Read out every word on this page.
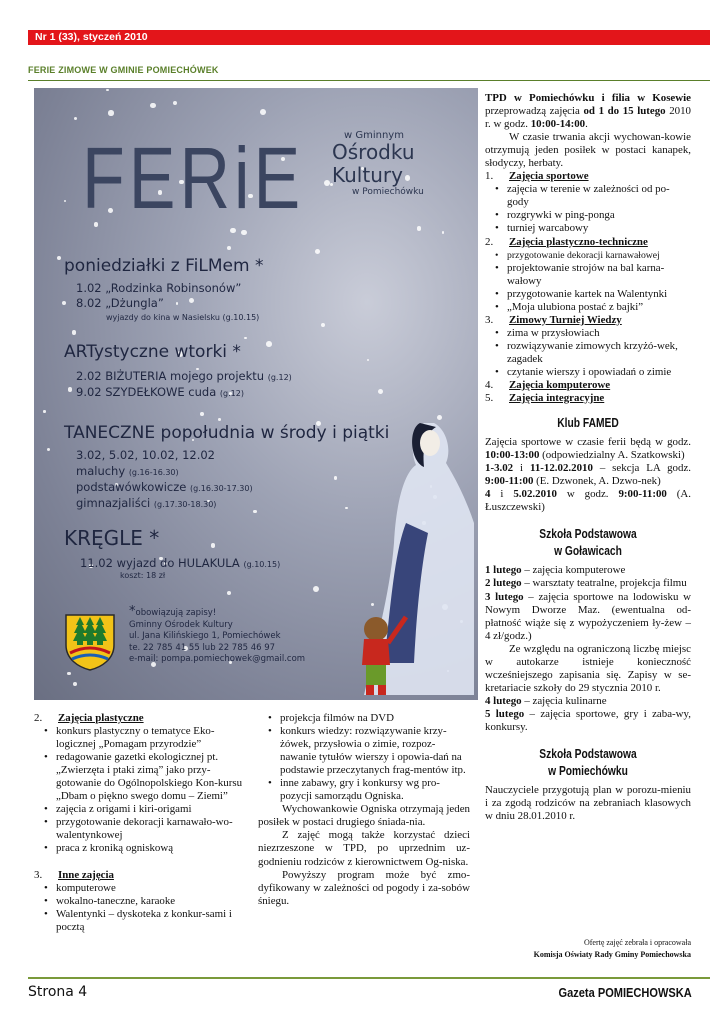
Nr 1 (33), styczeń 2010
FERIE ZIMOWE W GMINIE POMIECHÓWEK
FERiE	w Gminnym
Ośrodku
Kultury
w Pomiechówku
poniedziałki z FiLMem *
1.02 „Rodzinka Robinsonów”
8.02 „Dżungla”
wyjazdy do kina w Nasielsku (g.10.15)
ARTystyczne wtorki *
2.02 BIŻUTERIA mojego projektu (g.12)
9.02 SZYDEŁKOWE cuda (g.12)
TANECZNE popołudnia w środy i piątki
3.02, 5.02, 10.02, 12.02
maluchy (g.16-16.30)
podstawówkowicze (g.16.30-17.30)
gimnazjaliści (g.17.30-18.30)
KRĘGLE *
11.02 wyjazd do HULAKULA (g.10.15)
koszt: 18 zł
*obowiązują zapisy!
Gminny Ośrodek Kultury
ul. Jana Kilińskiego 1, Pomiechówek
te. 22 785 41 55 lub 22 785 46 97
e-mail: pompa.pomiechowek@gmail.com
2. Zajęcia plastyczne
• konkurs plastyczny o tematyce Eko-logicznej „Pomagam przyrodzie”
• redagowanie gazetki ekologicznej pt. „Zwierzęta i ptaki zimą” jako przy-gotowanie do Ogólnopolskiego Kon-kursu „Dbam o piękno swego domu – Ziemi”
• zajęcia z origami i kiri-origami
• przygotowanie dekoracji karnawało-wo-walentynkowej
• praca z kroniką ogniskową
3. Inne zajęcia
• komputerowe
• wokalno-taneczne, karaoke
• Walentynki – dyskoteka z konkur-sami i pocztą
• projekcja filmów na DVD
• konkurs wiedzy: rozwiązywanie krzy-żówek, przysłowia o zimie, rozpoz-nawanie tytułów wierszy i opowia-dań na podstawie przeczytanych frag-mentów itp.
• inne zabawy, gry i konkursy wg pro-pozycji samorządu Ogniska.

Wychowankowie Ogniska otrzymają jeden posiłek w postaci drugiego śniada-nia.

Z zajęć mogą także korzystać dzieci niezrzeszone w TPD, po uprzednim uz-godnieniu rodziców z kierownictwem Og-niska.

Powyższy program może być zmo-dyfikowany w zależności od pogody i za-sobów śniegu.

TPD w Pomiechówku i filia w Kosewie przeprowadzą zajęcia od 1 do 15 lutego 2010 r. w godz. 10:00-14:00.

W czasie trwania akcji wychowan-kowie otrzymują jeden posiłek w postaci kanapek, słodyczy, herbaty.

1. Zajęcia sportowe
• zajęcia w terenie w zależności od po-gody
• rozgrywki w ping-ponga
• turniej warcabowy
2. Zajęcia plastyczno-techniczne
• przygotowanie dekoracji karnawałowej
• projektowanie strojów na bal karna-wałowy
• przygotowanie kartek na Walentynki
• „Moja ulubiona postać z bajki”
3. Zimowy Turniej Wiedzy
• zima w przysłowiach
• rozwiązywanie zimowych krzyżó-wek, zagadek
• czytanie wierszy i opowiadań o zimie
4. Zajęcia komputerowe
5. Zajęcia integracyjne
Klub FAMED

Zajęcia sportowe w czasie ferii będą w godz. 10:00-13:00 (odpowiedzialny A. Szatkowski)

1-3.02 i 11-12.02.2010 – sekcja LA godz. 9:00-11:00 (E. Dzwonek, A. Dzwo-nek)

4 i 5.02.2010 w godz. 9:00-11:00 (A. Łuszczewski)

Szkoła Podstawowa
w Goławicach

1 lutego – zajęcia komputerowe

2 lutego – warsztaty teatralne, projekcja filmu

3 lutego – zajęcia sportowe na lodowisku w Nowym Dworze Maz. (ewentualna od-płatność wiąże się z wypożyczeniem ły-żew – 4 zł/godz.)

Ze względu na ograniczoną liczbę miejsc w autokarze istnieje konieczność wcześniejszego zapisania się. Zapisy w se-kretariacie szkoły do 29 stycznia 2010 r.

4 lutego – zajęcia kulinarne

5 lutego – zajęcia sportowe, gry i zaba-wy, konkursy.

Szkoła Podstawowa
w Pomiechówku

Nauczyciele przygotują plan w porozu-mieniu i za zgodą rodziców na zebraniach klasowych w dniu 28.01.2010 r.

Ofertę zajęć zebrała i opracowała
Komisja Oświaty Rady Gminy Pomiechowska
Strona 4	Gazeta POMIECHOWSKA
